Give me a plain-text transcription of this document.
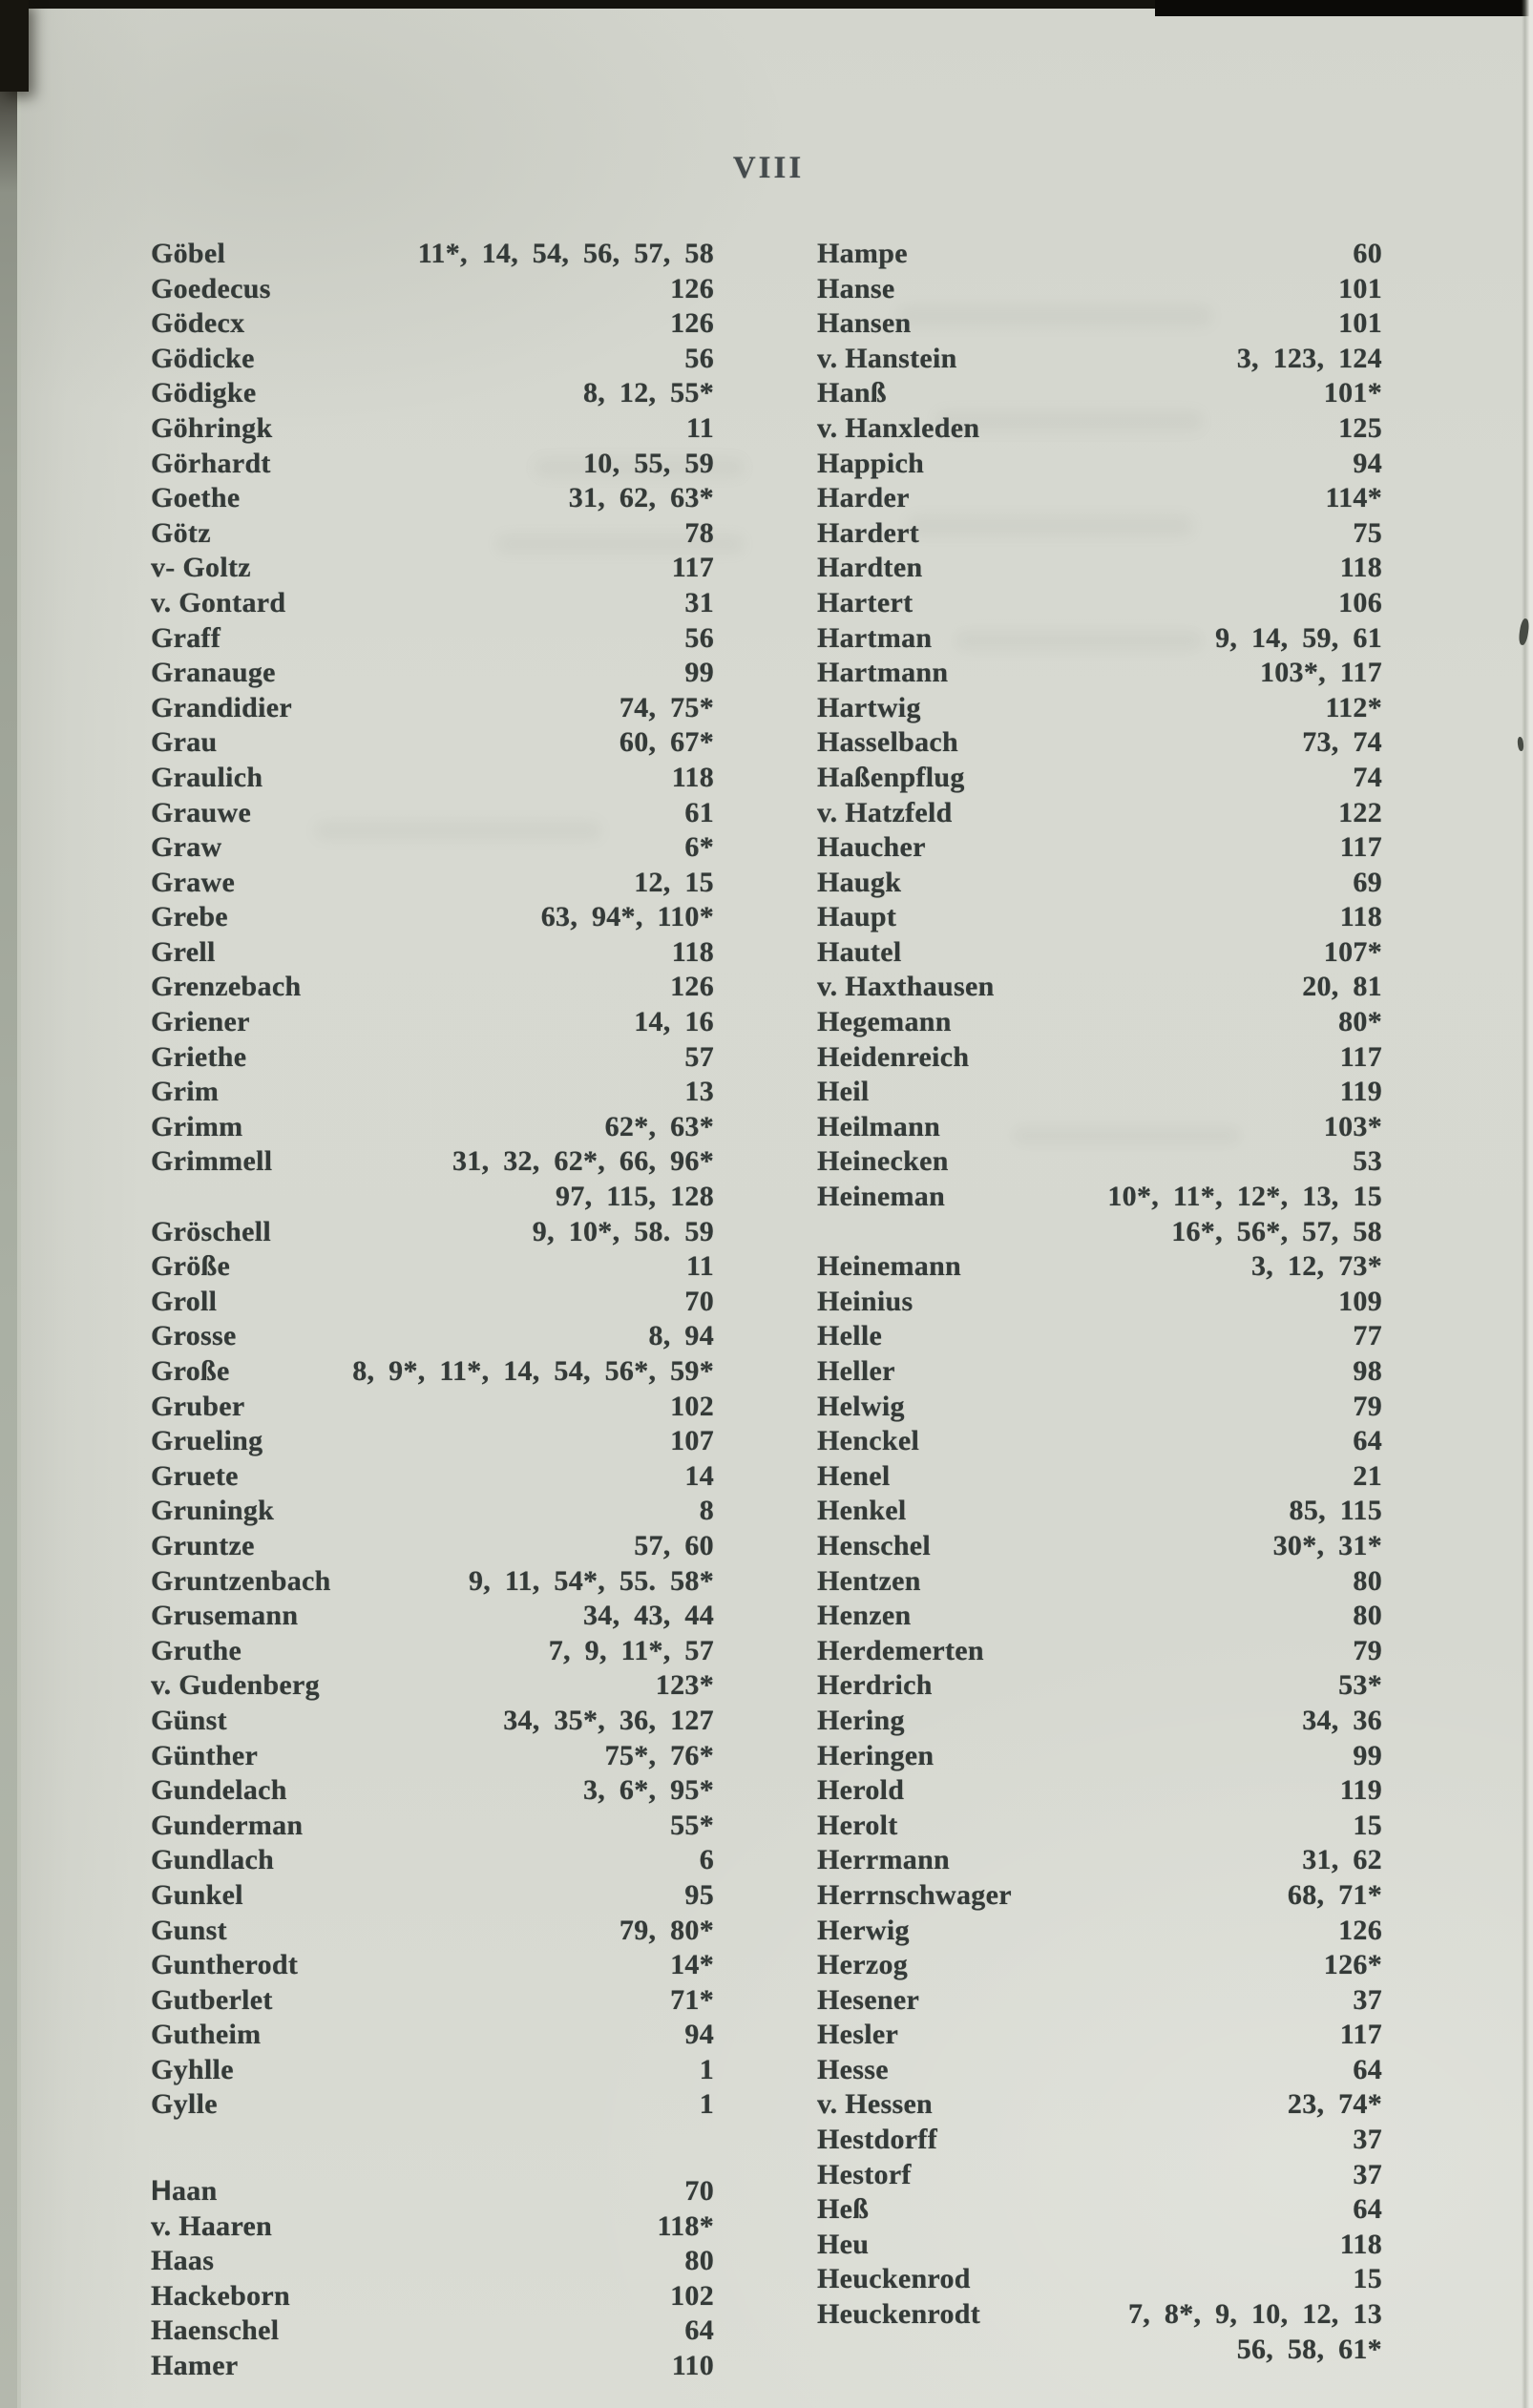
VIII
Göbel	11*, 14, 54, 56, 57, 58
Goedecus	126
Gödecx	126
Gödicke	56
Gödigke	8, 12, 55*
Göhringk	11
Görhardt	10, 55, 59
Goethe	31, 62, 63*
Götz	78
v- Goltz	117
v. Gontard	31
Graff	56
Granauge	99
Grandidier	74, 75*
Grau	60, 67*
Graulich	118
Grauwe	61
Graw	6*
Grawe	12, 15
Grebe	63, 94*, 110*
Grell	118
Grenzebach	126
Griener	14, 16
Griethe	57
Grim	13
Grimm	62*, 63*
Grimmell	31, 32, 62*, 66, 96*
97, 115, 128
Gröschell	9, 10*, 58. 59
Größe	11
Groll	70
Grosse	8, 94
Große	8, 9*, 11*, 14, 54, 56*, 59*
Gruber	102
Grueling	107
Gruete	14
Gruningk	8
Gruntze	57, 60
Gruntzenbach	9, 11, 54*, 55. 58*
Grusemann	34, 43, 44
Gruthe	7, 9, 11*, 57
v. Gudenberg	123*
Günst	34, 35*, 36, 127
Günther	75*, 76*
Gundelach	3, 6*, 95*
Gunderman	55*
Gundlach	6
Gunkel	95
Gunst	79, 80*
Guntherodt	14*
Gutberlet	71*
Gutheim	94
Gyhlle	1
Gylle	1
Haan	70
v. Haaren	118*
Haas	80
Hackeborn	102
Haenschel	64
Hamer	110
Hampe	60
Hanse	101
Hansen	101
v. Hanstein	3, 123, 124
Hanß	101*
v. Hanxleden	125
Happich	94
Harder	114*
Hardert	75
Hardten	118
Hartert	106
Hartman	9, 14, 59, 61
Hartmann	103*, 117
Hartwig	112*
Hasselbach	73, 74
Haßenpflug	74
v. Hatzfeld	122
Haucher	117
Haugk	69
Haupt	118
Hautel	107*
v. Haxthausen	20, 81
Hegemann	80*
Heidenreich	117
Heil	119
Heilmann	103*
Heinecken	53
Heineman	10*, 11*, 12*, 13, 15
16*, 56*, 57, 58
Heinemann	3, 12, 73*
Heinius	109
Helle	77
Heller	98
Helwig	79
Henckel	64
Henel	21
Henkel	85, 115
Henschel	30*, 31*
Hentzen	80
Henzen	80
Herdemerten	79
Herdrich	53*
Hering	34, 36
Heringen	99
Herold	119
Herolt	15
Herrmann	31, 62
Herrnschwager	68, 71*
Herwig	126
Herzog	126*
Hesener	37
Hesler	117
Hesse	64
v. Hessen	23, 74*
Hestdorff	37
Hestorf	37
Heß	64
Heu	118
Heuckenrod	15
Heuckenrodt	7, 8*, 9, 10, 12, 13
56, 58, 61*
